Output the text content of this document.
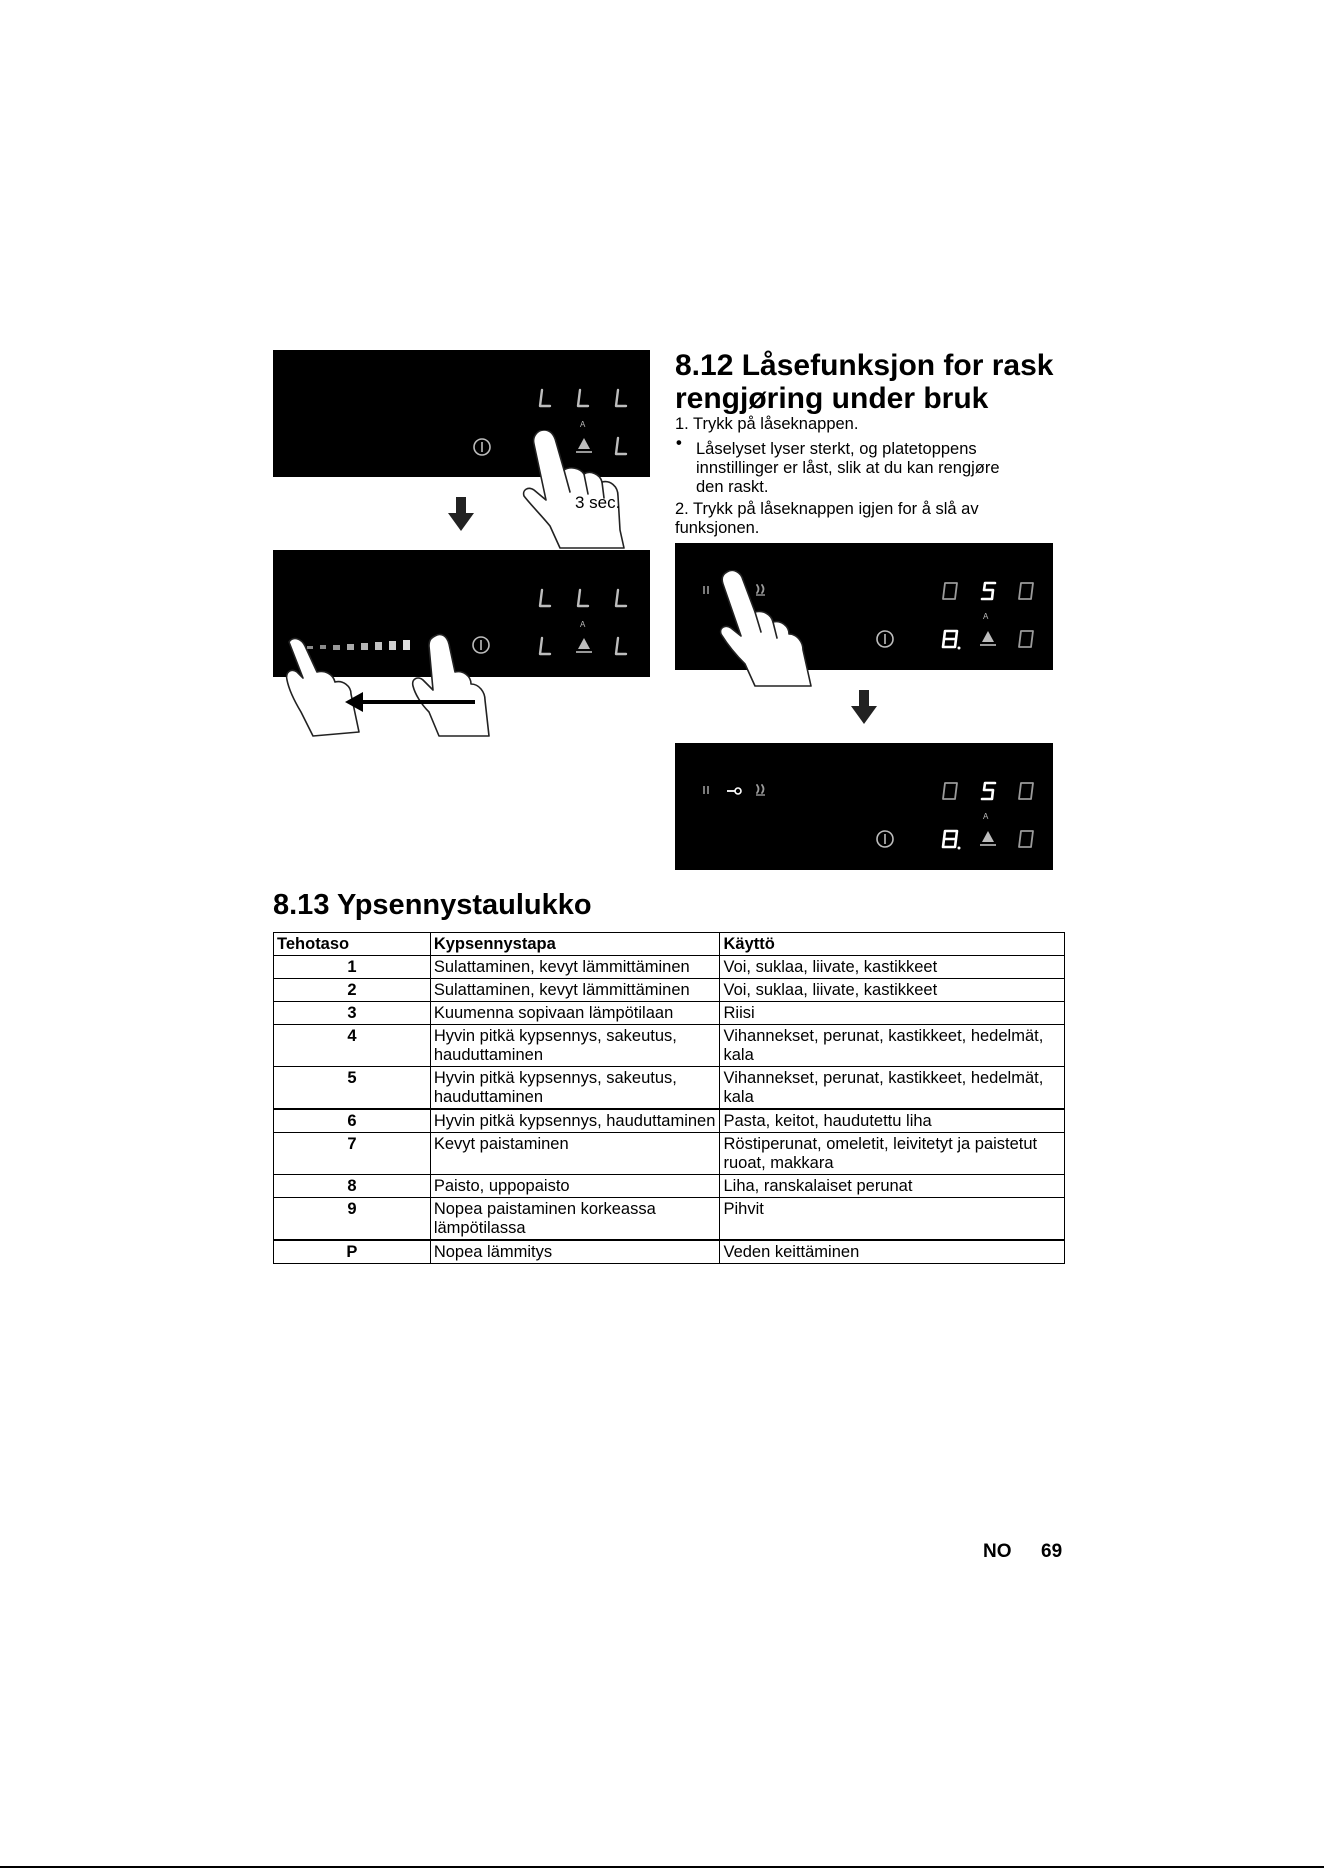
A
3 sec.
A
8.12 Låsefunksjon for rask
rengjøring under bruk
1. Trykk på låseknappen.
• Låselyset lyser sterkt, og platetoppens
innstillinger er låst, slik at du kan rengjøre
den raskt.
2. Trykk på låseknappen igjen for å slå av
funksjonen.
A
A
8.13 Ypsennystaulukko
Tehotaso	Kypsennystapa	Käyttö
1	Sulattaminen, kevyt lämmittäminen	Voi, suklaa, liivate, kastikkeet
2	Sulattaminen, kevyt lämmittäminen	Voi, suklaa, liivate, kastikkeet
3	Kuumenna sopivaan lämpötilaan	Riisi
4	Hyvin pitkä kypsennys, sakeutus, hauduttaminen	Vihannekset, perunat, kastikkeet, hedelmät, kala
5	Hyvin pitkä kypsennys, sakeutus, hauduttaminen	Vihannekset, perunat, kastikkeet, hedelmät, kala
6	Hyvin pitkä kypsennys, hauduttaminen	Pasta, keitot, haudutettu liha
7	Kevyt paistaminen	Röstiperunat, omeletit, leivitetyt ja paistetut ruoat, makkara
8	Paisto, uppopaisto	Liha, ranskalaiset perunat
9	Nopea paistaminen korkeassa lämpötilassa	Pihvit
P	Nopea lämmitys	Veden keittäminen
NO 69
